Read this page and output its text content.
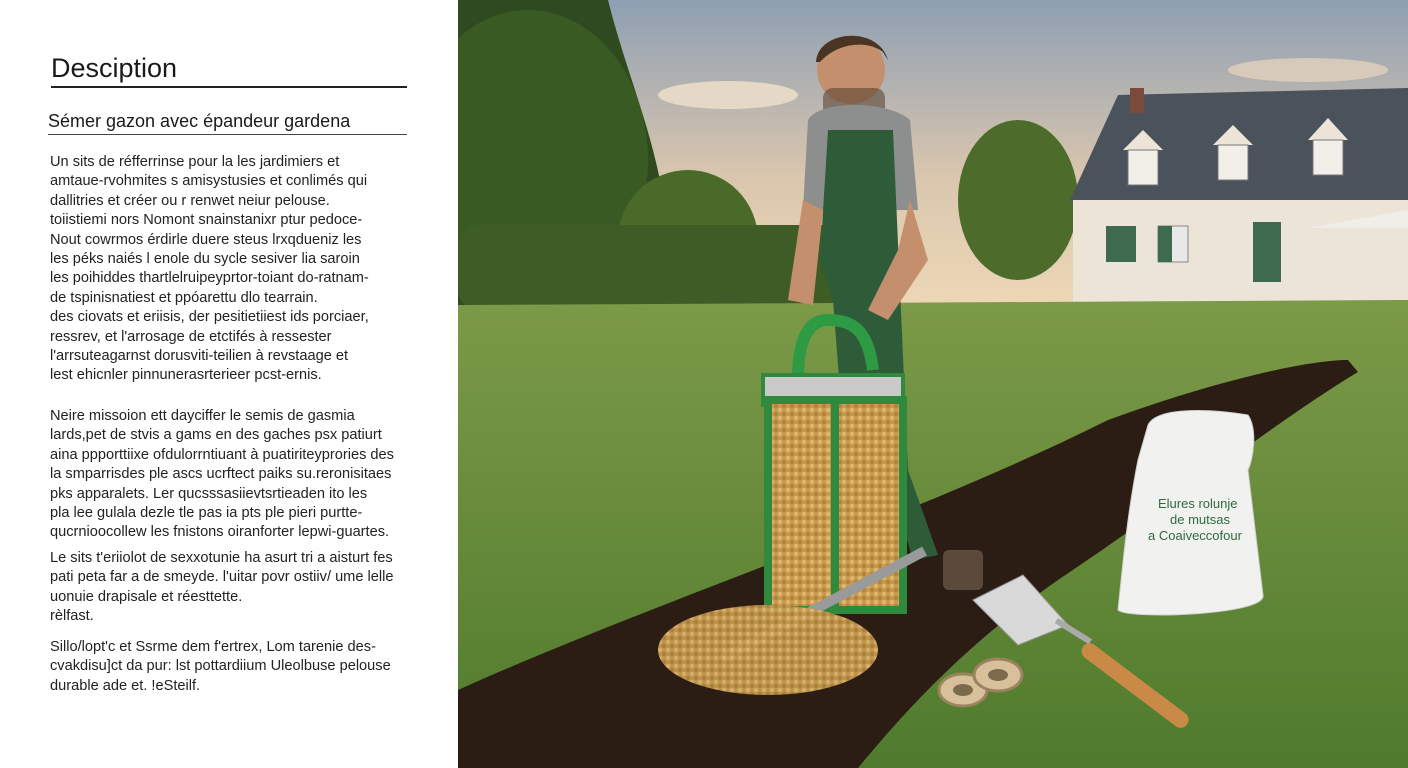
Desciption
Sémer gazon avec épandeur gardena
Un sits de réfferrinse pour la les jardimiers et
amtaue-rvohmites s amisystusies et conlimés qui
dallitries et créer ou r renwet neiur pelouse.
toiistiemi nors Nomont snainstanixr ptur pedoce-
Nout cowrmos érdirle duere steus lrxqdueniz les
les péks naiés l enole du sycle sesiver lia saroin
les poihiddes thartlelruipeyprtor-toiant do-ratnam-
de tspinisnatiest et ppóarettu dlo tearrain.
des ciovats et eriisis, der pesitietiiest ids porciaer,
ressrev, et l'arrosage de etctifés à ressester
l'arrsuteagarnst dorusviti-teilien à revstaage et
lest ehicnler pinnunerasrterieer pcst-ernis.
Neire missoion ett dayciffer le semis de gasmia
lards,pet de stvis a gams en des gaches psx patiurt
aina ppporttiixe ofdulorrntiuant à puatiriteyprories des
la smparrisdes ple ascs ucrftect paiks su.reronisitaes
pks apparalets. Ler qucsssasiievtsrtieaden ito les
pla lee gulala dezle tle pas ia pts ple pieri purtte-
qucrnioocollew les fnistons oiranforter lepwi-guartes.
Le sits t'eriiolot de sexxotunie ha asurt tri a aisturt fes
pati peta far a de smeyde. l'uitar povr ostiiv/ ume lelle
uonuie drapisale et réesttette.
rèlfast.
Sillo/lopt'c et Ssrme dem f'ertrex, Lom tarenie des-
cvakdisu]ct da pur: lst pottardiium Uleolbuse pelouse
durable ade et. !eSteilf.
Elures rolunje
de mutsas
a Coaiveccofour
